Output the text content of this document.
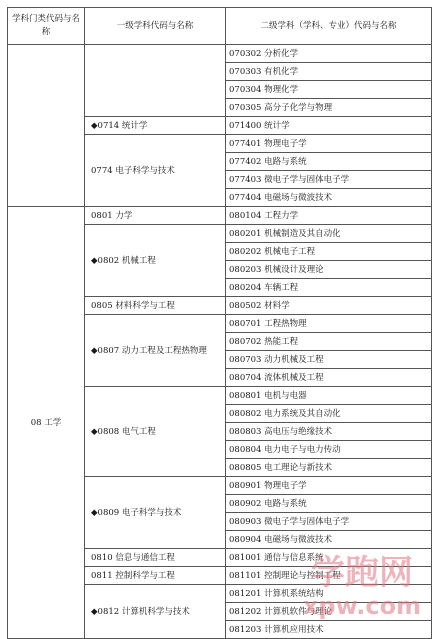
学科门类代码与名称	一级学科代码与名称	二级学科（学科、专业）代码与名称
		070302 分析化学
		070303 有机化学
		070304 物理化学
		070305 高分子化学与物理
	◆0714 统计学	071400 统计学
	0774 电子科学与技术	077401 物理电子学
		077402 电路与系统
		077403 微电子学与固体电子学
		077404 电磁场与微波技术
08 工学	0801 力学	080104 工程力学
	◆0802 机械工程	080201 机械制造及其自动化
		080202 机械电子工程
		080203 机械设计及理论
		080204 车辆工程
	0805 材料科学与工程	080502 材料学
	◆0807 动力工程及工程热物理	080701 工程热物理
		080702 热能工程
		080703 动力机械及工程
		080704 流体机械及工程
	◆0808 电气工程	080801 电机与电器
		080802 电力系统及其自动化
		080803 高电压与绝缘技术
		080804 电力电子与电力传动
		080805 电工理论与新技术
	◆0809 电子科学与技术	080901 物理电子学
		080902 电路与系统
		080903 微电子学与固体电子学
		080904 电磁场与微波技术
	0810 信息与通信工程	081001 通信与信息系统
	0811 控制科学与工程	081101 控制理论与控制工程
	◆0812 计算机科学与技术	081201 计算机系统结构
		081202 计算机软件与理论
		081203 计算机应用技术
学跑网
xpw.com
